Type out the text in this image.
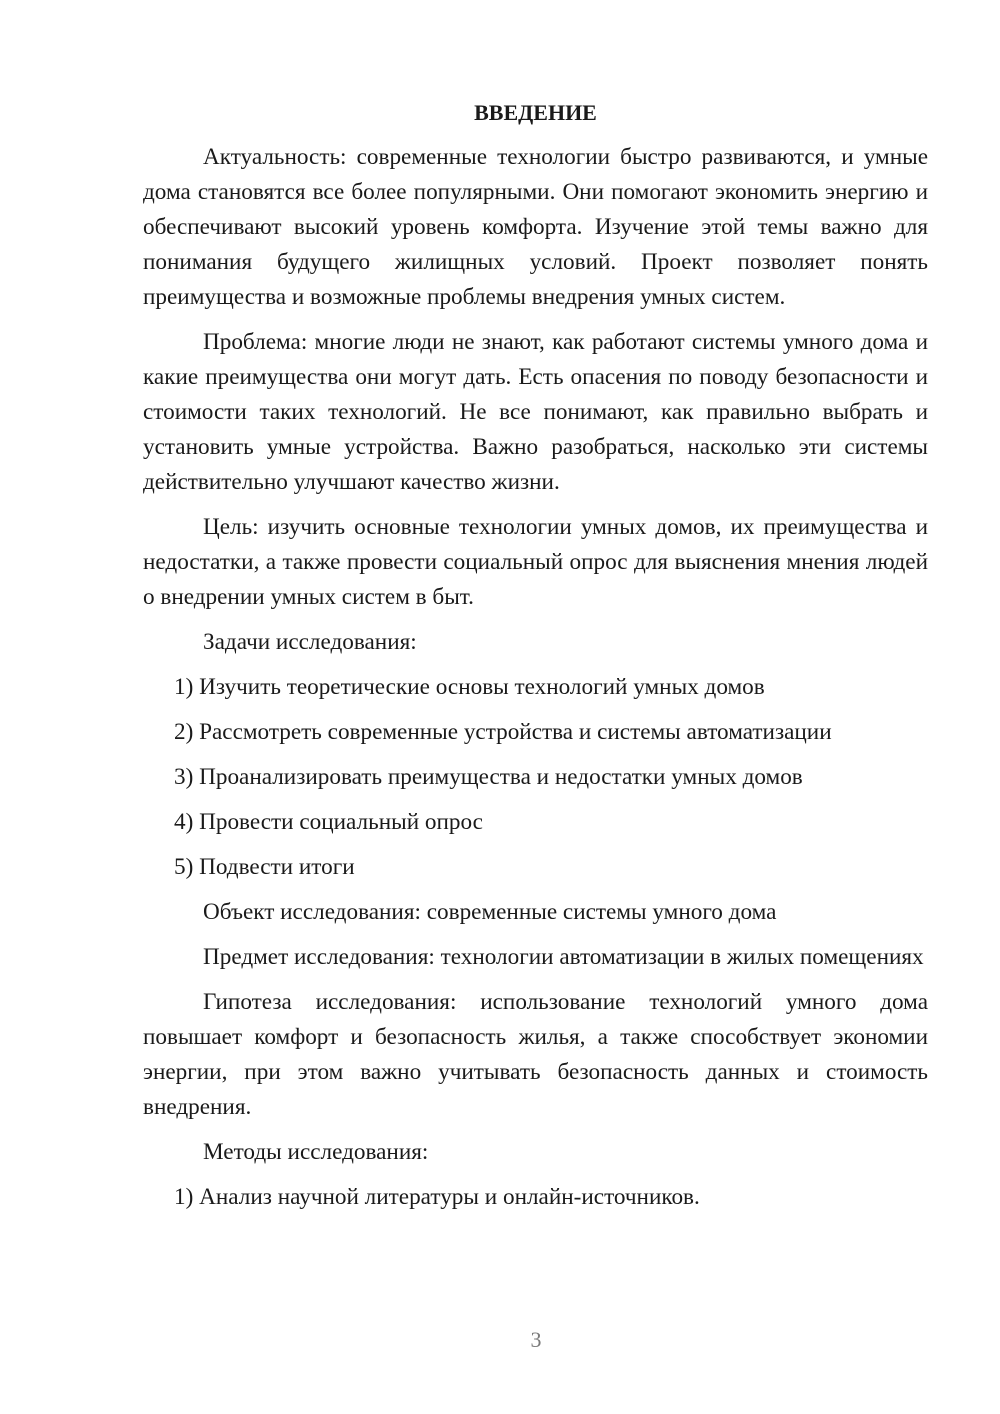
ВВЕДЕНИЕ
Актуальность: современные технологии быстро развиваются, и умные дома становятся все более популярными. Они помогают экономить энергию и обеспечивают высокий уровень комфорта. Изучение этой темы важно для понимания будущего жилищных условий. Проект позволяет понять преимущества и возможные проблемы внедрения умных систем.
Проблема: многие люди не знают, как работают системы умного дома и какие преимущества они могут дать. Есть опасения по поводу безопасности и стоимости таких технологий. Не все понимают, как правильно выбрать и установить умные устройства. Важно разобраться, насколько эти системы действительно улучшают качество жизни.
Цель: изучить основные технологии умных домов, их преимущества и недостатки, а также провести социальный опрос для выяснения мнения людей о внедрении умных систем в быт.
Задачи исследования:
1) Изучить теоретические основы технологий умных домов
2) Рассмотреть современные устройства и системы автоматизации
3) Проанализировать преимущества и недостатки умных домов
4) Провести социальный опрос
5) Подвести итоги
Объект исследования: современные системы умного дома
Предмет исследования: технологии автоматизации в жилых помещениях
Гипотеза исследования: использование технологий умного дома повышает комфорт и безопасность жилья, а также способствует экономии энергии, при этом важно учитывать безопасность данных и стоимость внедрения.
Методы исследования:
1) Анализ научной литературы и онлайн-источников.
3
